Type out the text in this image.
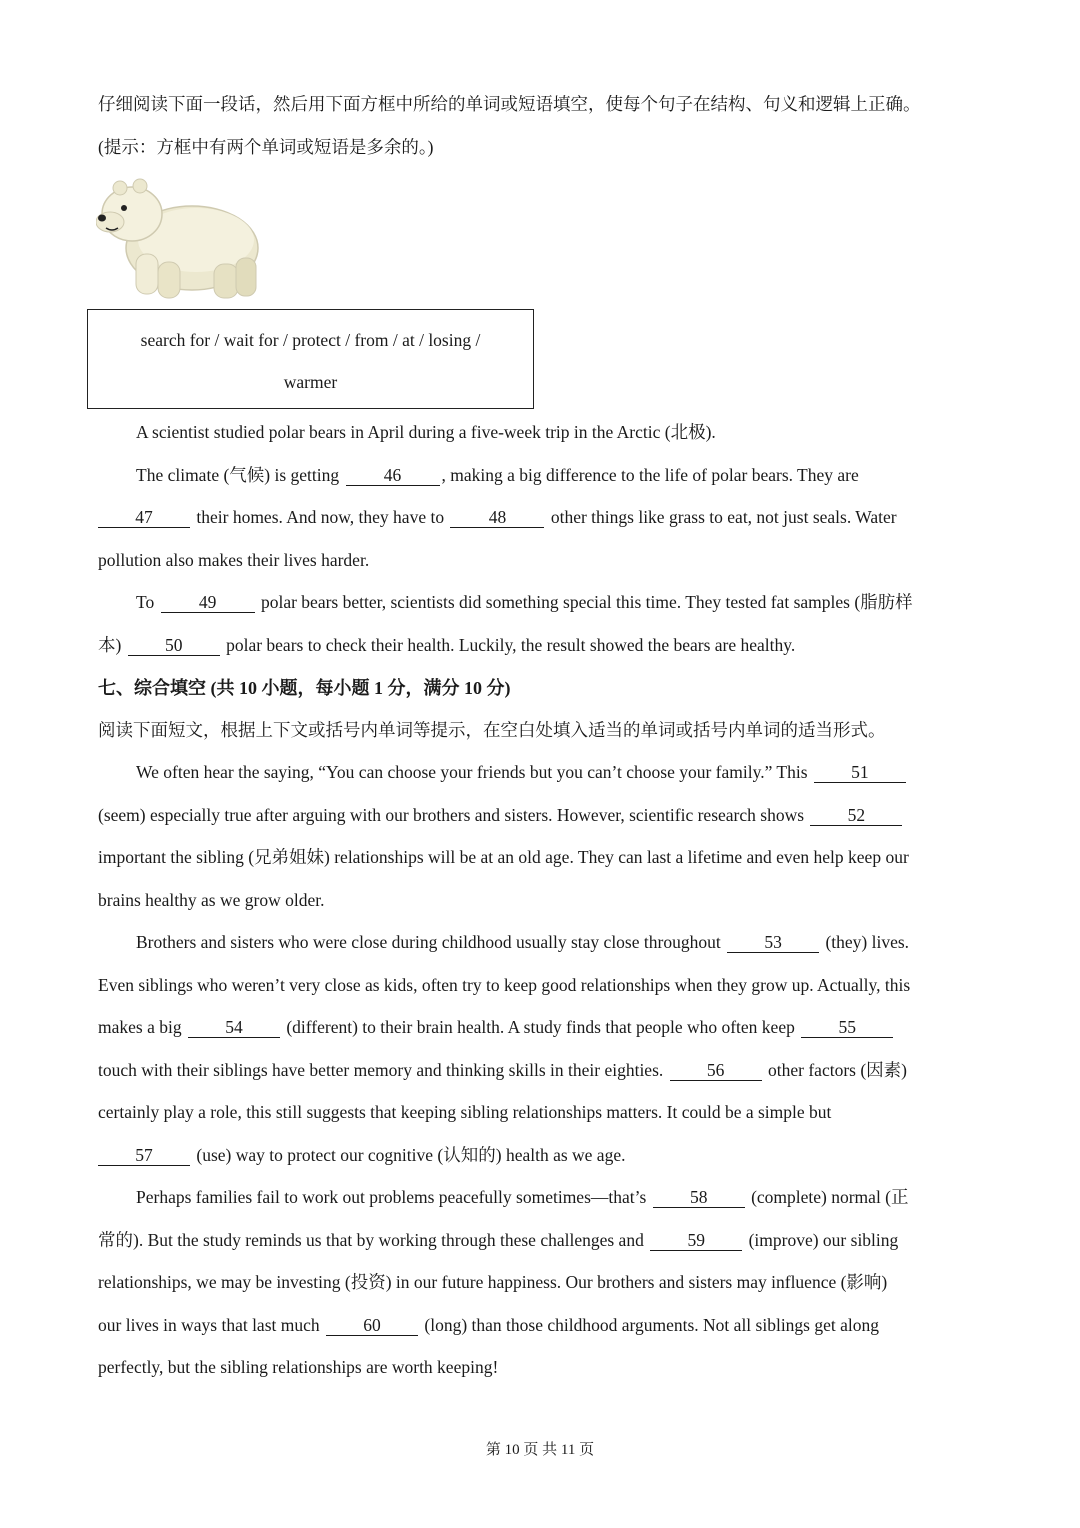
仔细阅读下面一段话，然后用下面方框中所给的单词或短语填空，使每个句子在结构、句义和逻辑上正确。
(提示：方框中有两个单词或短语是多余的。)
search for / wait for / protect / from / at / losing /
warmer
A scientist studied polar bears in April during a five-week trip in the Arctic (北极).
The climate (气候) is getting	46 , making a big difference to the life of polar bears. They are
47 their homes. And now, they have to	48	other things like grass to eat, not just seals. Water
pollution also makes their lives harder.
To	49	polar bears better, scientists did something special this time. They tested fat samples (脂肪样
本) 50 polar bears to check their health. Luckily, the result showed the bears are healthy.
七、综合填空 (共 10 小题，每小题 1 分，满分 10 分)
阅读下面短文，根据上下文或括号内单词等提示，在空白处填入适当的单词或括号内单词的适当形式。
We often hear the saying, “You can choose your friends but you can’t choose your family.” This 51
(seem) especially true after arguing with our brothers and sisters. However, scientific research shows 52
important the sibling (兄弟姐妹) relationships will be at an old age. They can last a lifetime and even help keep our
brains healthy as we grow older.
Brothers and sisters who were close during childhood usually stay close throughout 53 (they) lives.
Even siblings who weren’t very close as kids, often try to keep good relationships when they grow up. Actually, this
makes a big 54 (different) to their brain health. A study finds that people who often keep 55
touch with their siblings have better memory and thinking skills in their eighties. 56 other factors (因素)
certainly play a role, this still suggests that keeping sibling relationships matters. It could be a simple but
57 (use) way to protect our cognitive (认知的) health as we age.
Perhaps families fail to work out problems peacefully sometimes—that’s 58 (complete) normal (正
常的). But the study reminds us that by working through these challenges and 59 (improve) our sibling
relationships, we may be investing (投资) in our future happiness. Our brothers and sisters may influence (影响)
our lives in ways that last much 60 (long) than those childhood arguments. Not all siblings get along
perfectly, but the sibling relationships are worth keeping!
第 10 页 共 11 页
